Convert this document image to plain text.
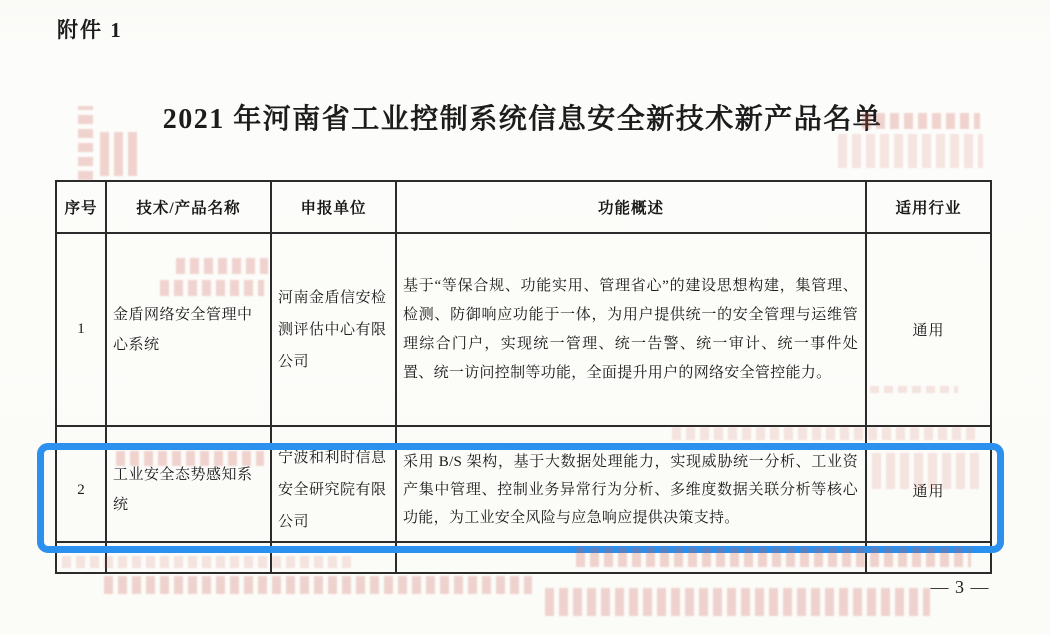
附件 1
2021 年河南省工业控制系统信息安全新技术新产品名单
序号	技术/产品名称	申报单位	功能概述	适用行业
1	金盾网络安全管理中心系统	河南金盾信安检测评估中心有限公司	基于“等保合规、功能实用、管理省心”的建设思想构建，集管理、检测、防御响应功能于一体，为用户提供统一的安全管理与运维管理综合门户，实现统一管理、统一告警、统一审计、统一事件处置、统一访问控制等功能，全面提升用户的网络安全管控能力。	通用
2	工业安全态势感知系统	宁波和利时信息安全研究院有限公司	采用 B/S 架构，基于大数据处理能力，实现威胁统一分析、工业资产集中管理、控制业务异常行为分析、多维度数据关联分析等核心功能，为工业安全风险与应急响应提供决策支持。	通用

— 3 —
